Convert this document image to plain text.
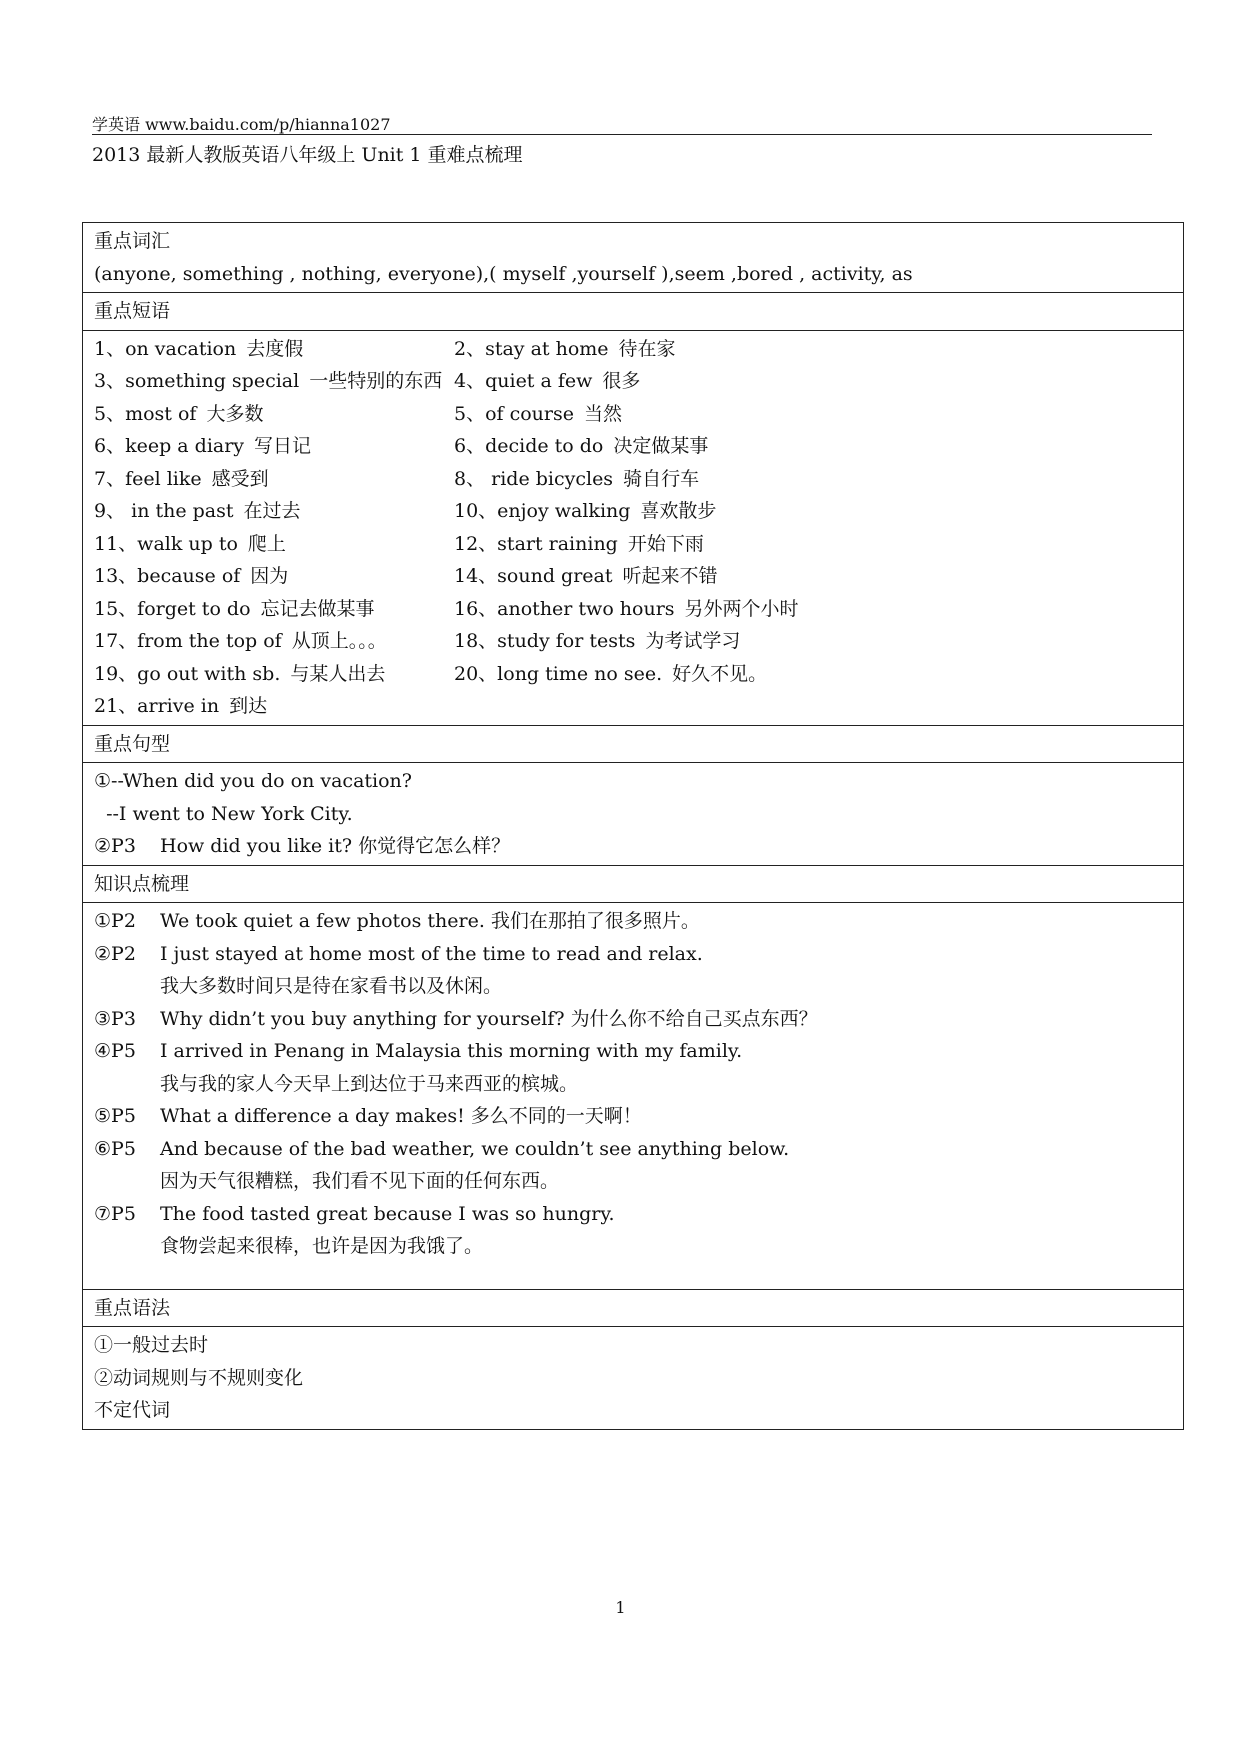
学英语 www.baidu.com/p/hianna1027
2013 最新人教版英语八年级上 Unit 1 重难点梳理
重点词汇
(anyone, something , nothing, everyone),( myself ,yourself ),seem ,bored , activity, as

重点短语

1、on vacation 去度假	2、stay at home 待在家
3、something special 一些特别的东西 4、quiet a few 很多
5、most of 大多数	5、of course 当然
6、keep a diary 写日记	6、decide to do 决定做某事
7、feel like 感受到	8、 ride bicycles 骑自行车
9、 in the past 在过去	10、enjoy walking 喜欢散步
11、walk up to 爬上	12、start raining 开始下雨
13、because of 因为	14、sound great 听起来不错
15、forget to do 忘记去做某事	16、another two hours 另外两个小时
17、from the top of 从顶上。。。	18、study for tests 为考试学习
19、go out with sb. 与某人出去	20、long time no see. 好久不见。
21、arrive in 到达

重点句型

①--When did you do on vacation?
--I went to New York City.
②P3	How did you like it? 你觉得它怎么样？

知识点梳理

①P2	We took quiet a few photos there. 我们在那拍了很多照片。
②P2	I just stayed at home most of the time to read and relax.
我大多数时间只是待在家看书以及休闲。
③P3	Why didn’t you buy anything for yourself? 为什么你不给自己买点东西？
④P5	I arrived in Penang in Malaysia this morning with my family.
我与我的家人今天早上到达位于马来西亚的槟城。
⑤P5	What a difference a day makes! 多么不同的一天啊！
⑥P5	And because of the bad weather, we couldn’t see anything below.
因为天气很糟糕，我们看不见下面的任何东西。
⑦P5	The food tasted great because I was so hungry.
食物尝起来很棒，也许是因为我饿了。

重点语法

①一般过去时
②动词规则与不规则变化
不定代词
1
